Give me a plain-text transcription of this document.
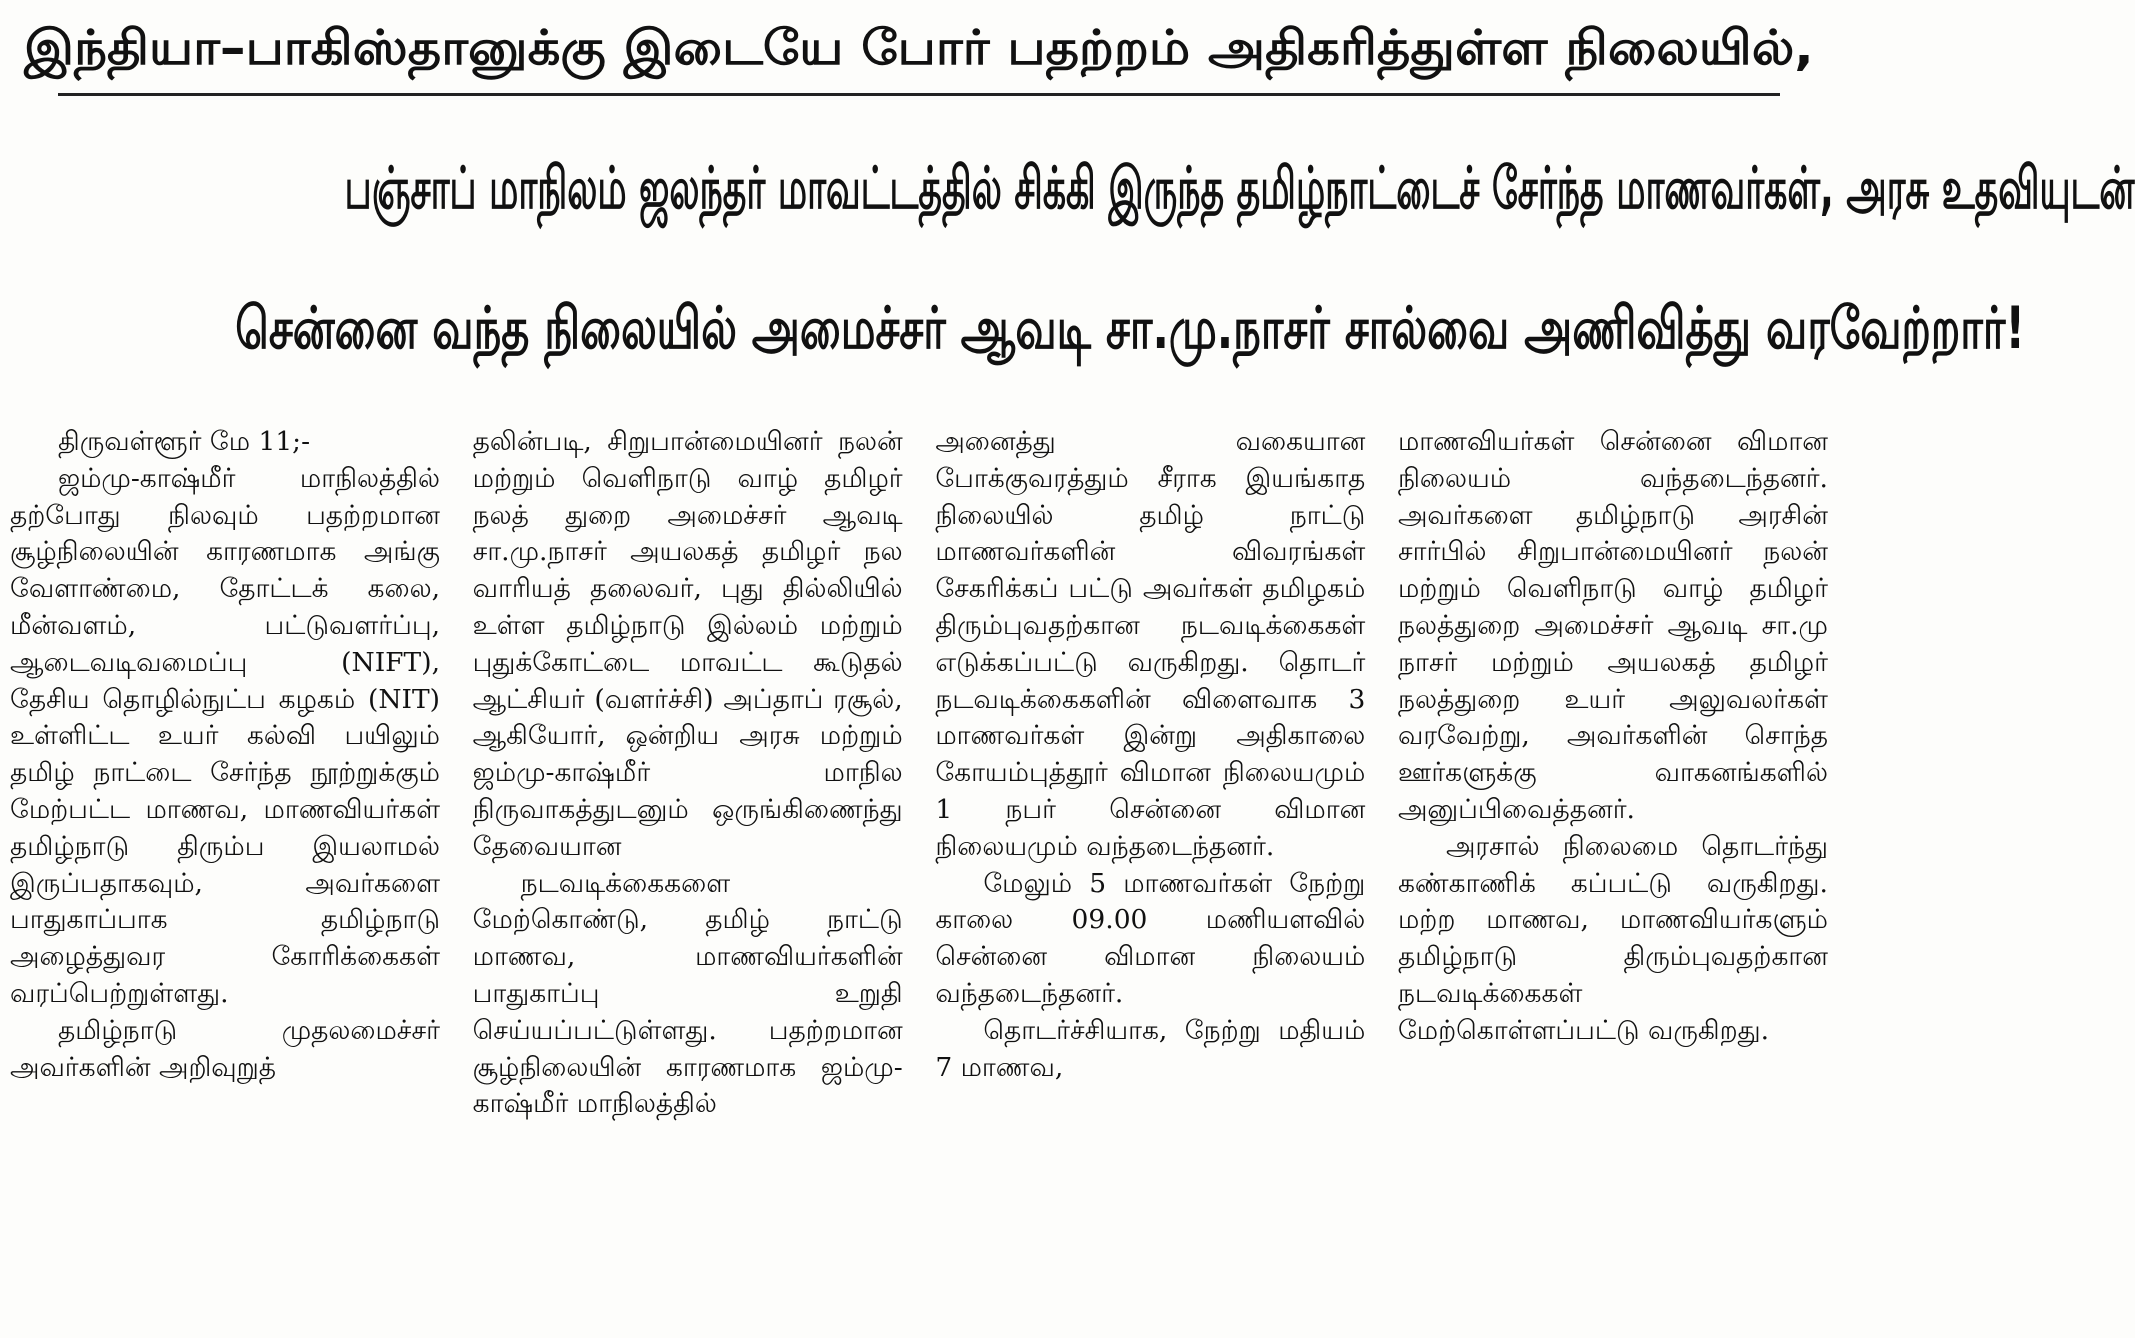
இந்தியா–பாகிஸ்தானுக்கு இடையே போர் பதற்றம் அதிகரித்துள்ள நிலையில்,
பஞ்சாப் மாநிலம் ஜலந்தர் மாவட்டத்தில் சிக்கி இருந்த தமிழ்நாட்டைச் சேர்ந்த மாணவர்கள், அரசு உதவியுடன்
சென்னை வந்த நிலையில் அமைச்சர் ஆவடி சா.மு.நாசர் சால்வை அணிவித்து வரவேற்றார்!

திருவள்ளூர் மே 11;-

ஜம்மு-காஷ்மீர் மாநிலத்தில் தற்போது நிலவும் பதற்றமான சூழ்நிலையின் காரணமாக அங்கு வேளாண்மை, தோட்டக் கலை, மீன்வளம், பட்டுவளர்ப்பு, ஆடைவடிவமைப்பு (NIFT), தேசிய தொழில்நுட்ப கழகம் (NIT) உள்ளிட்ட உயர் கல்வி பயிலும் தமிழ் நாட்டை சேர்ந்த நூற்றுக்கும் மேற்பட்ட மாணவ, மாணவியர்கள் தமிழ்நாடு திரும்ப இயலாமல் இருப்பதாகவும், அவர்களை பாதுகாப்பாக தமிழ்நாடு அழைத்துவர கோரிக்கைகள் வரப்பெற்றுள்ளது.

தமிழ்நாடு முதலமைச்சர் அவர்களின் அறிவுறுத்

தலின்படி, சிறுபான்மையினர் நலன் மற்றும் வெளிநாடு வாழ் தமிழர் நலத் துறை அமைச்சர் ஆவடி சா.மு.நாசர் அயலகத் தமிழர் நல வாரியத் தலைவர், புது தில்லியில் உள்ள தமிழ்நாடு இல்லம் மற்றும் புதுக்கோட்டை மாவட்ட கூடுதல் ஆட்சியர் (வளர்ச்சி) அப்தாப் ரசூல், ஆகியோர், ஒன்றிய அரசு மற்றும் ஜம்மு-காஷ்மீர் மாநில நிருவாகத்துடனும் ஒருங்கிணைந்து தேவையான

நடவடிக்கைகளை மேற்கொண்டு, தமிழ் நாட்டு மாணவ, மாணவியர்களின் பாதுகாப்பு உறுதி செய்யப்பட்டுள்ளது. பதற்றமான சூழ்நிலையின் காரணமாக ஜம்மு-காஷ்மீர் மாநிலத்தில்

அனைத்து வகையான போக்குவரத்தும் சீராக இயங்காத நிலையில் தமிழ் நாட்டு மாணவர்களின் விவரங்கள் சேகரிக்கப் பட்டு அவர்கள் தமிழகம் திரும்புவதற்கான நடவடிக்கைகள் எடுக்கப்பட்டு வருகிறது. தொடர் நடவடிக்கைகளின் விளைவாக 3 மாணவர்கள் இன்று அதிகாலை கோயம்புத்தூர் விமான நிலையமும் 1 நபர் சென்னை விமான நிலையமும் வந்தடைந்தனர்.

மேலும் 5 மாணவர்கள் நேற்று காலை 09.00 மணியளவில் சென்னை விமான நிலையம் வந்தடைந்தனர்.

தொடர்ச்சியாக, நேற்று மதியம் 7 மாணவ,

மாணவியர்கள் சென்னை விமான நிலையம் வந்தடைந்தனர். அவர்களை தமிழ்நாடு அரசின் சார்பில் சிறுபான்மையினர் நலன் மற்றும் வெளிநாடு வாழ் தமிழர் நலத்துறை அமைச்சர் ஆவடி சா.மு நாசர் மற்றும் அயலகத் தமிழர் நலத்துறை உயர் அலுவலர்கள் வரவேற்று, அவர்களின் சொந்த ஊர்களுக்கு வாகனங்களில் அனுப்பிவைத்தனர்.

அரசால் நிலைமை தொடர்ந்து கண்காணிக் கப்பட்டு வருகிறது. மற்ற மாணவ, மாணவியர்களும் தமிழ்நாடு திரும்புவதற்கான நடவடிக்கைகள் மேற்கொள்ளப்பட்டு வருகிறது.
